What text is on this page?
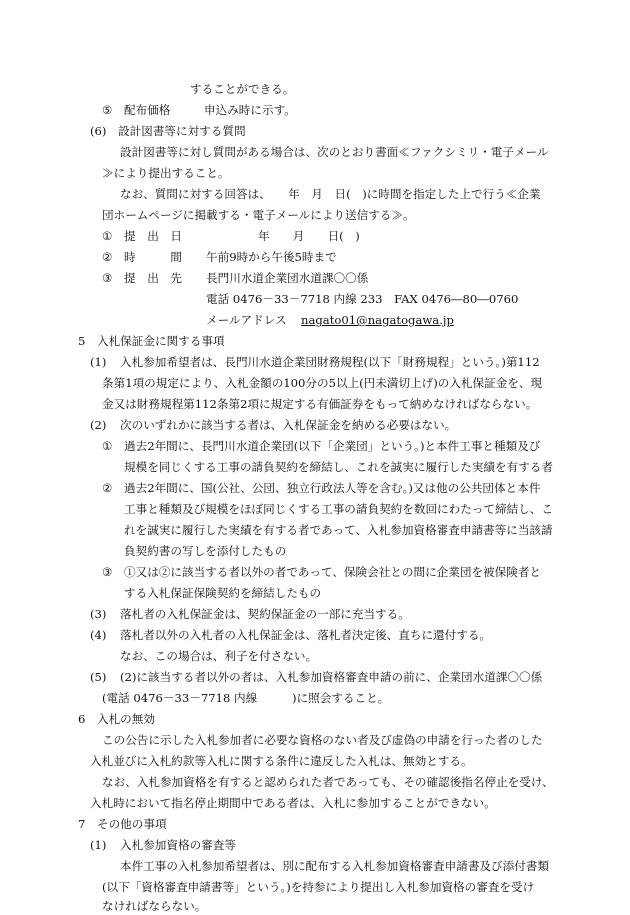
することができる。
⑤ 配布価格	申込み時に示す。
(6)　設計図書等に対する質問
設計図書等に対し質問がある場合は、次のとおり書面≪ファクシミリ・電子メール
≫により提出すること。
なお、質問に対する回答は、　　年　月　日(　)に時間を指定した上で行う≪企業
団ホームページに掲載する・電子メールにより送信する≫。
① 提　出　日	年　　月　　日(　)
② 時　　　間 午前9時から午後5時まで
③ 提　出　先 長門川水道企業団水道課〇〇係
電話 0476－33－7718 内線 233　FAX 0476―80―0760
メールアドレス nagato01@nagatogawa.jp
5　入札保証金に関する事項
(1) 入札参加希望者は、長門川水道企業団財務規程(以下「財務規程」という。)第112
条第1項の規定により、入札金額の100分の5以上(円未満切上げ)の入札保証金を、現
金又は財務規程第112条第2項に規定する有価証券をもって納めなければならない。
(2) 次のいずれかに該当する者は、入札保証金を納める必要はない。
① 過去2年間に、長門川水道企業団(以下「企業団」という。)と本件工事と種類及び
規模を同じくする工事の請負契約を締結し、これを誠実に履行した実績を有する者
② 過去2年間に、国(公社、公団、独立行政法人等を含む。)又は他の公共団体と本件
工事と種類及び規模をほぼ同じくする工事の請負契約を数回にわたって締結し、こ
れを誠実に履行した実績を有する者であって、入札参加資格審査申請書等に当該請
負契約書の写しを添付したもの
③ ①又は②に該当する者以外の者であって、保険会社との間に企業団を被保険者と
する入札保証保険契約を締結したもの
(3) 落札者の入札保証金は、契約保証金の一部に充当する。
(4) 落札者以外の入札者の入札保証金は、落札者決定後、直ちに還付する。
なお、この場合は、利子を付さない。
(5) (2)に該当する者以外の者は、入札参加資格審査申請の前に、企業団水道課〇〇係
(電話 0476－33－7718 内線　　　)に照会すること。
6　入札の無効
この公告に示した入札参加者に必要な資格のない者及び虚偽の申請を行った者のした
入札並びに入札約款等入札に関する条件に違反した入札は、無効とする。
なお、入札参加資格を有すると認められた者であっても、その確認後指名停止を受け、
入札時において指名停止期間中である者は、入札に参加することができない。
7　その他の事項
(1) 入札参加資格の審査等
本件工事の入札参加希望者は、別に配布する入札参加資格審査申請書及び添付書類
(以下「資格審査申請書等」という。)を持参により提出し入札参加資格の審査を受け
なければならない。
